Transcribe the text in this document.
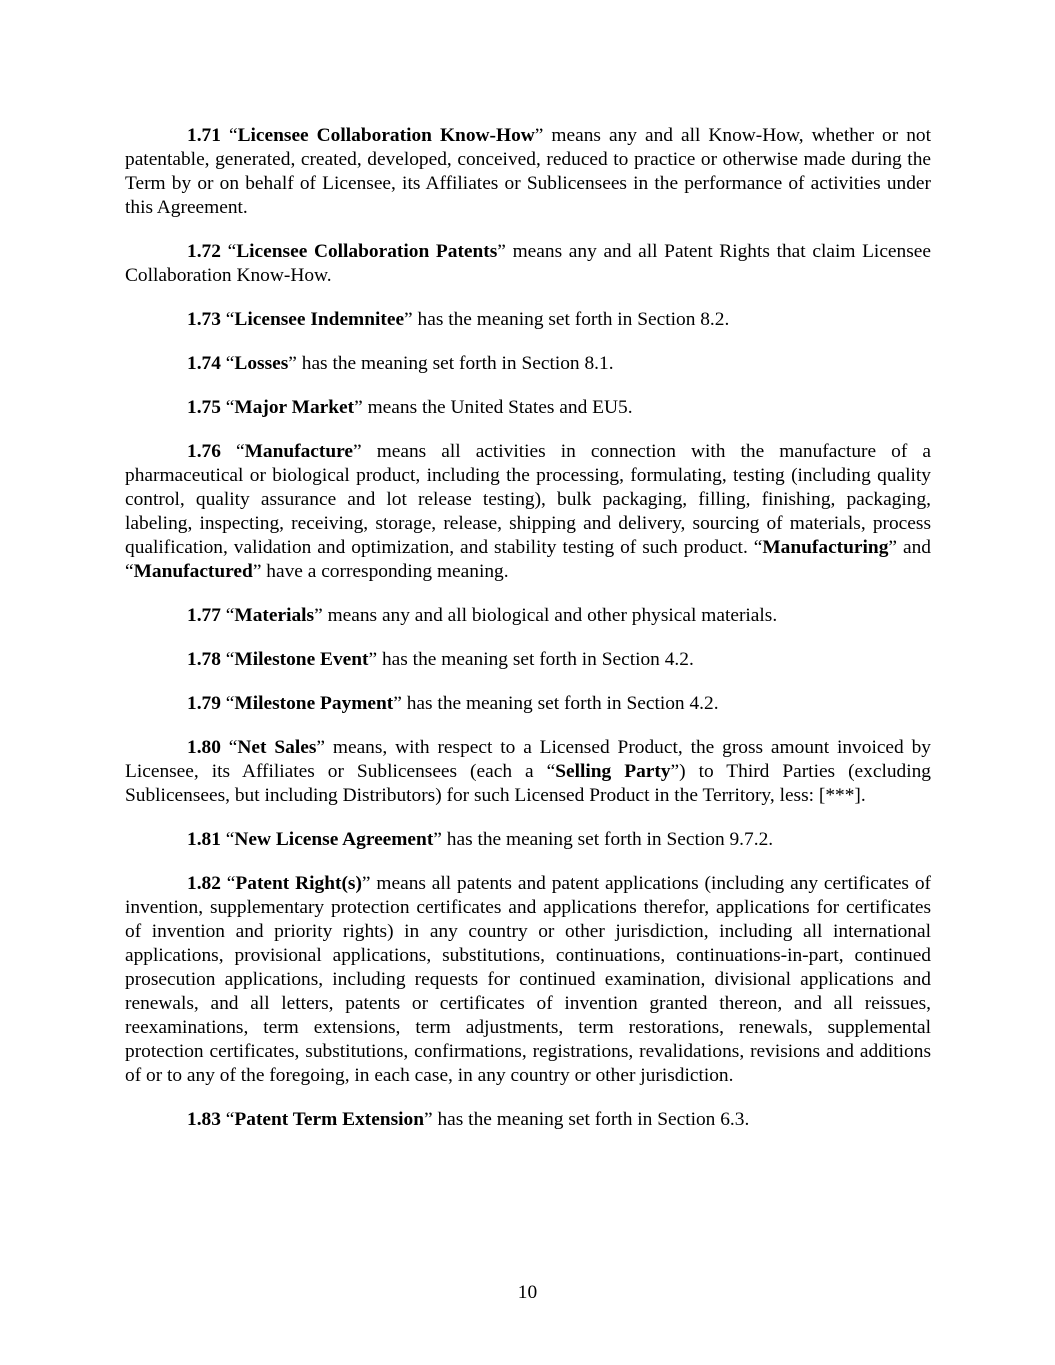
1.71 “Licensee Collaboration Know-How” means any and all Know-How, whether or not patentable, generated, created, developed, conceived, reduced to practice or otherwise made during the Term by or on behalf of Licensee, its Affiliates or Sublicensees in the performance of activities under this Agreement.

1.72 “Licensee Collaboration Patents” means any and all Patent Rights that claim Licensee Collaboration Know-How.

1.73 “Licensee Indemnitee” has the meaning set forth in Section 8.2.

1.74 “Losses” has the meaning set forth in Section 8.1.

1.75 “Major Market” means the United States and EU5.

1.76 “Manufacture” means all activities in connection with the manufacture of a pharmaceutical or biological product, including the processing, formulating, testing (including quality control, quality assurance and lot release testing), bulk packaging, filling, finishing, packaging, labeling, inspecting, receiving, storage, release, shipping and delivery, sourcing of materials, process qualification, validation and optimization, and stability testing of such product. “Manufacturing” and “Manufactured” have a corresponding meaning.

1.77 “Materials” means any and all biological and other physical materials.

1.78 “Milestone Event” has the meaning set forth in Section 4.2.

1.79 “Milestone Payment” has the meaning set forth in Section 4.2.

1.80 “Net Sales” means, with respect to a Licensed Product, the gross amount invoiced by Licensee, its Affiliates or Sublicensees (each a “Selling Party”) to Third Parties (excluding Sublicensees, but including Distributors) for such Licensed Product in the Territory, less: [***].

1.81 “New License Agreement” has the meaning set forth in Section 9.7.2.

1.82 “Patent Right(s)” means all patents and patent applications (including any certificates of invention, supplementary protection certificates and applications therefor, applications for certificates of invention and priority rights) in any country or other jurisdiction, including all international applications, provisional applications, substitutions, continuations, continuations-in-part, continued prosecution applications, including requests for continued examination, divisional applications and renewals, and all letters, patents or certificates of invention granted thereon, and all reissues, reexaminations, term extensions, term adjustments, term restorations, renewals, supplemental protection certificates, substitutions, confirmations, registrations, revalidations, revisions and additions of or to any of the foregoing, in each case, in any country or other jurisdiction.

1.83 “Patent Term Extension” has the meaning set forth in Section 6.3.

10
